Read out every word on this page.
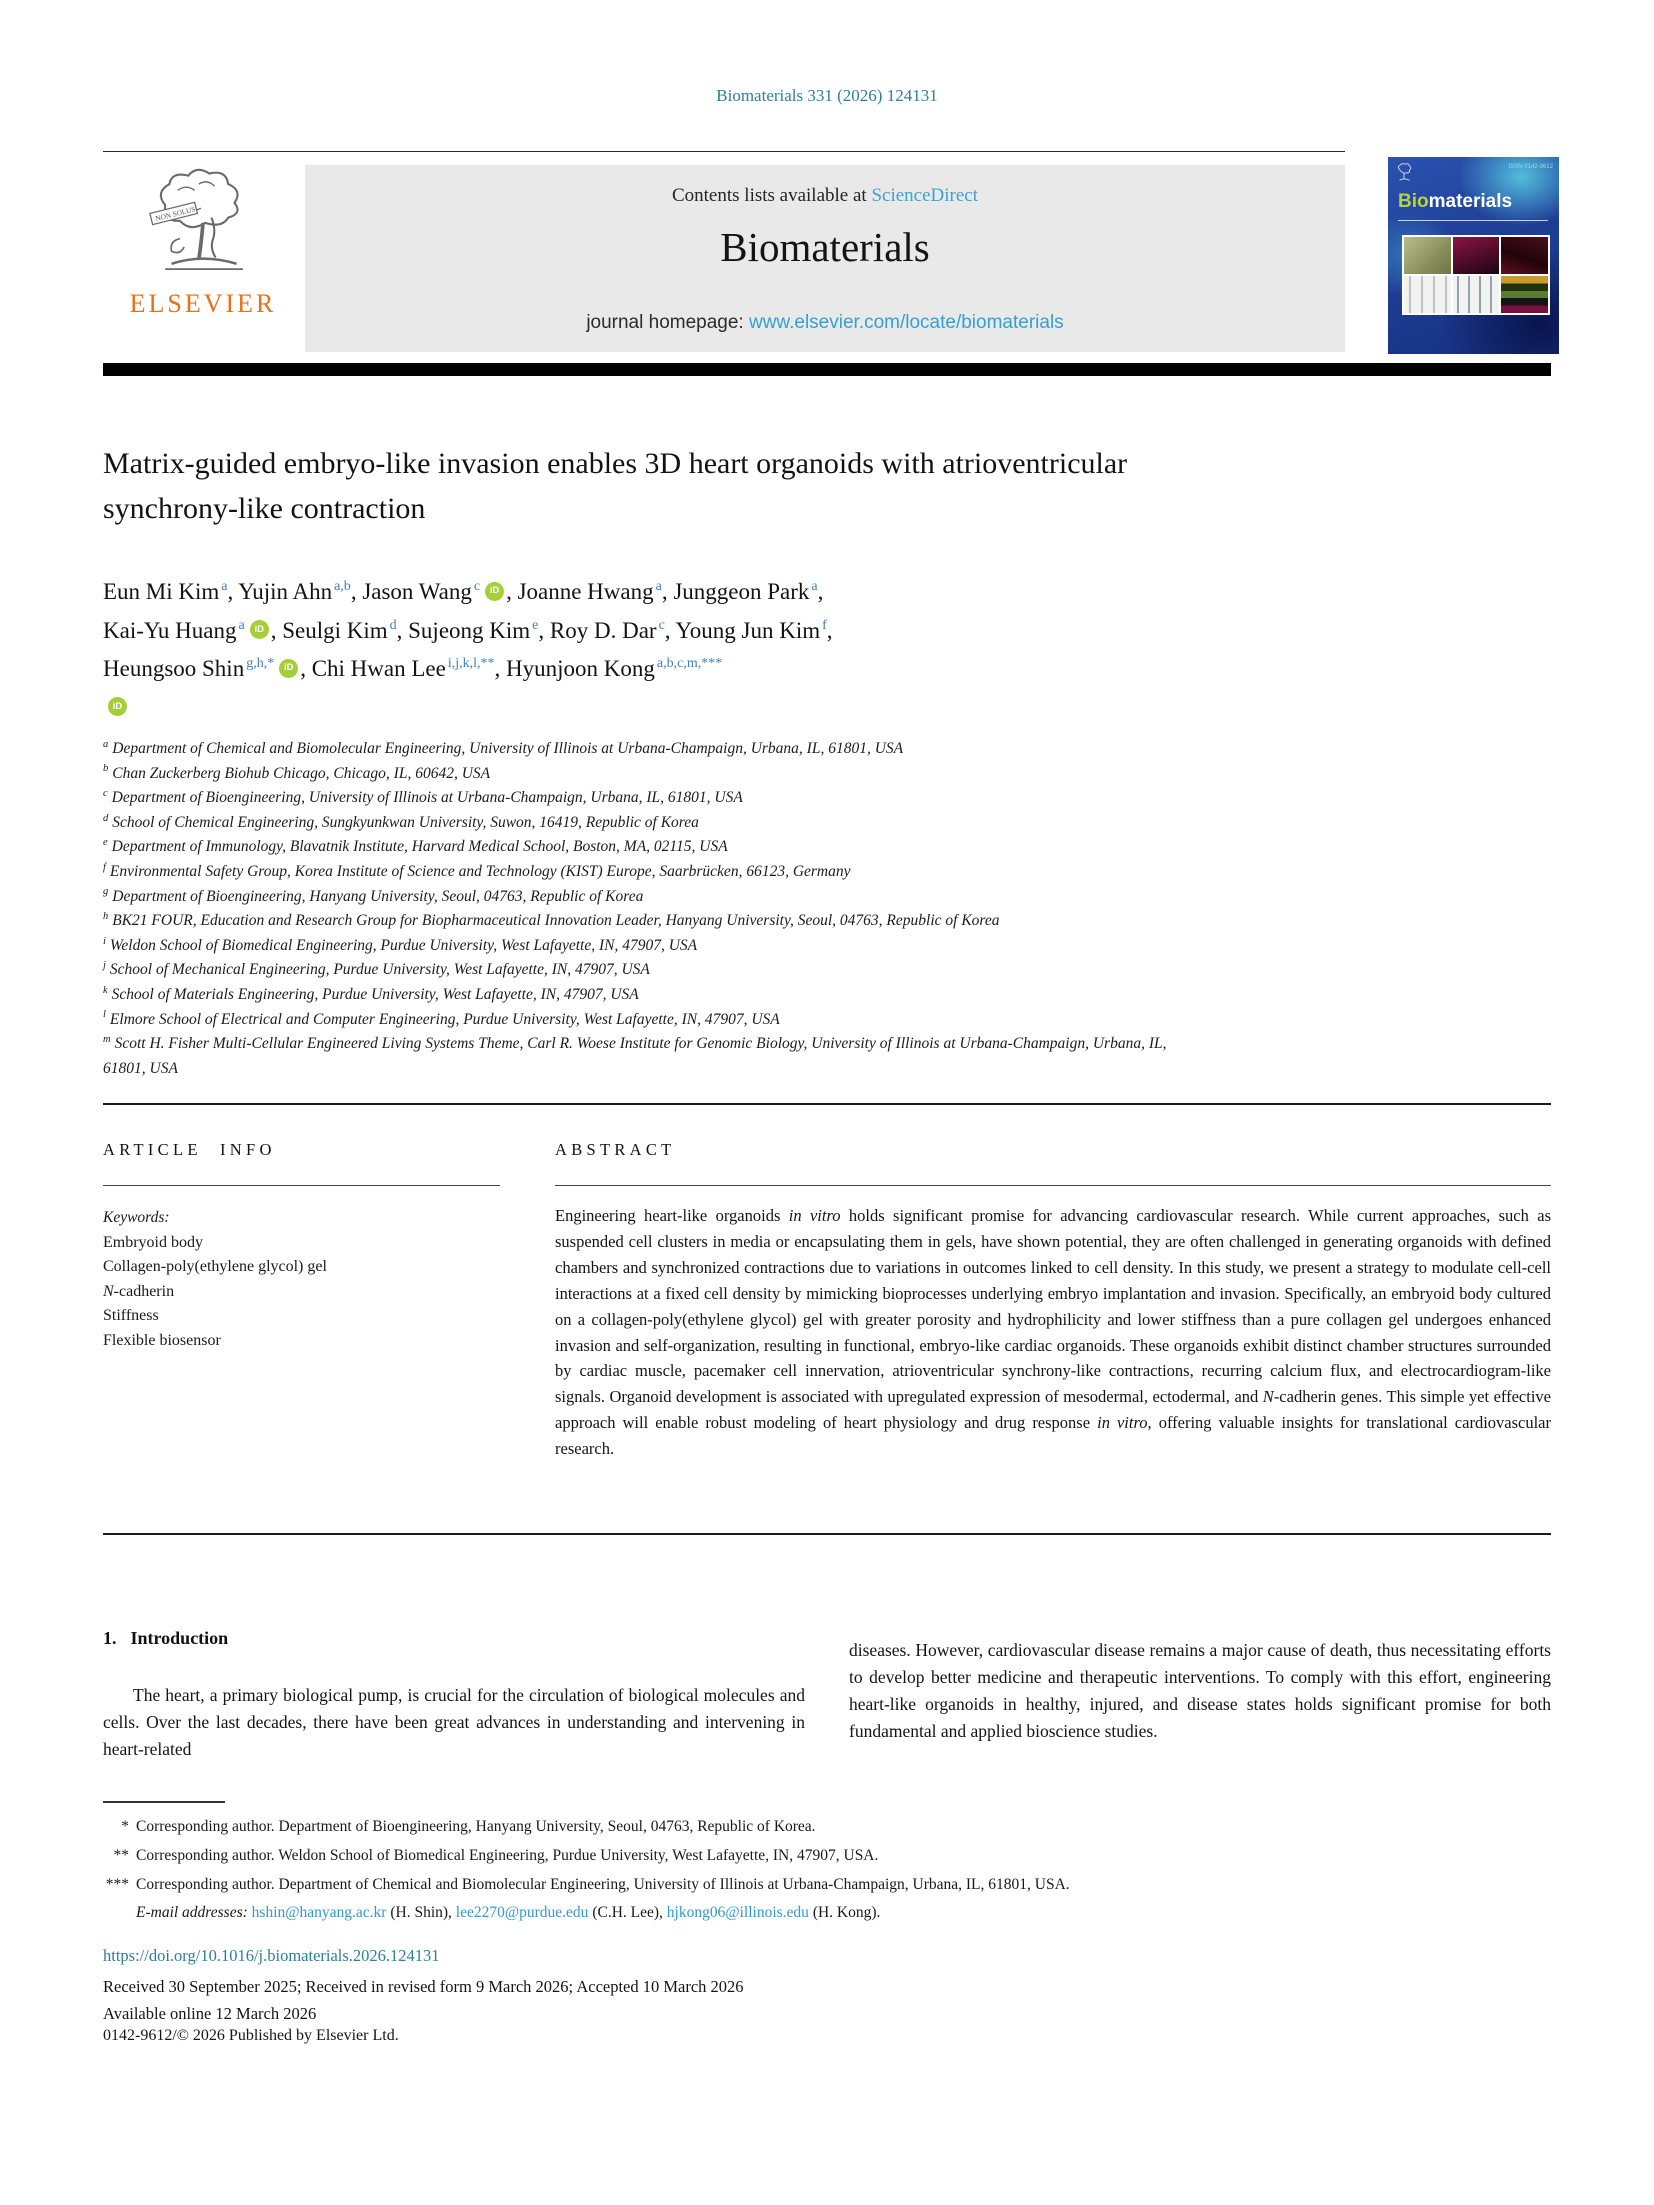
Biomaterials 331 (2026) 124131
NON SOLUS
ELSEVIER
Contents lists available at ScienceDirect
Biomaterials
journal homepage: www.elsevier.com/locate/biomaterials
ISSN 0142-9612
Biomaterials
Matrix-guided embryo-like invasion enables 3D heart organoids with atrioventricular synchrony-like contraction
Eun Mi Kim $^a$, Yujin Ahn $^{a,b}$, Jason Wang $^c$ iD , Joanne Hwang $^a$, Junggeon Park $^a$,
Kai-Yu Huang $^a$ iD , Seulgi Kim $^d$, Sujeong Kim $^e$, Roy D. Dar $^c$, Young Jun Kim $^f$,
Heungsoo Shin $^{g,h,*}$ iD , Chi Hwan Lee $^{i,j,k,l,**}$, Hyunjoon Kong $^{a,b,c,m,***}$
iD
$^a$ Department of Chemical and Biomolecular Engineering, University of Illinois at Urbana-Champaign, Urbana, IL, 61801, USA
$^b$ Chan Zuckerberg Biohub Chicago, Chicago, IL, 60642, USA
$^c$ Department of Bioengineering, University of Illinois at Urbana-Champaign, Urbana, IL, 61801, USA
$^d$ School of Chemical Engineering, Sungkyunkwan University, Suwon, 16419, Republic of Korea
$^e$ Department of Immunology, Blavatnik Institute, Harvard Medical School, Boston, MA, 02115, USA
$^f$ Environmental Safety Group, Korea Institute of Science and Technology (KIST) Europe, Saarbrücken, 66123, Germany
$^g$ Department of Bioengineering, Hanyang University, Seoul, 04763, Republic of Korea
$^h$ BK21 FOUR, Education and Research Group for Biopharmaceutical Innovation Leader, Hanyang University, Seoul, 04763, Republic of Korea
$^i$ Weldon School of Biomedical Engineering, Purdue University, West Lafayette, IN, 47907, USA
$^j$ School of Mechanical Engineering, Purdue University, West Lafayette, IN, 47907, USA
$^k$ School of Materials Engineering, Purdue University, West Lafayette, IN, 47907, USA
$^l$ Elmore School of Electrical and Computer Engineering, Purdue University, West Lafayette, IN, 47907, USA
$^m$ Scott H. Fisher Multi-Cellular Engineered Living Systems Theme, Carl R. Woese Institute for Genomic Biology, University of Illinois at Urbana-Champaign, Urbana, IL,
61801, USA
ARTICLE INFO	ABSTRACT
Keywords:
Embryoid body
Collagen-poly(ethylene glycol) gel
N-cadherin
Stiffness
Flexible biosensor
Engineering heart-like organoids in vitro holds significant promise for advancing cardiovascular research. While current approaches, such as suspended cell clusters in media or encapsulating them in gels, have shown potential, they are often challenged in generating organoids with defined chambers and synchronized contractions due to variations in outcomes linked to cell density. In this study, we present a strategy to modulate cell-cell interactions at a fixed cell density by mimicking bioprocesses underlying embryo implantation and invasion. Specifically, an embryoid body cultured on a collagen-poly(ethylene glycol) gel with greater porosity and hydrophilicity and lower stiffness than a pure collagen gel undergoes enhanced invasion and self-organization, resulting in functional, embryo-like cardiac organoids. These organoids exhibit distinct chamber structures surrounded by cardiac muscle, pacemaker cell innervation, atrioventricular synchrony-like contractions, recurring calcium flux, and electrocardiogram-like signals. Organoid development is associated with upregulated expression of mesodermal, ectodermal, and N-cadherin genes. This simple yet effective approach will enable robust modeling of heart physiology and drug response in vitro, offering valuable insights for translational cardiovascular research.
1. Introduction
The heart, a primary biological pump, is crucial for the circulation of biological molecules and cells. Over the last decades, there have been great advances in understanding and intervening in heart-related
diseases. However, cardiovascular disease remains a major cause of death, thus necessitating efforts to develop better medicine and therapeutic interventions. To comply with this effort, engineering heart-like organoids in healthy, injured, and disease states holds significant promise for both fundamental and applied bioscience studies.
* Corresponding author. Department of Bioengineering, Hanyang University, Seoul, 04763, Republic of Korea.
** Corresponding author. Weldon School of Biomedical Engineering, Purdue University, West Lafayette, IN, 47907, USA.
*** Corresponding author. Department of Chemical and Biomolecular Engineering, University of Illinois at Urbana-Champaign, Urbana, IL, 61801, USA.
E-mail addresses: hshin@hanyang.ac.kr (H. Shin), lee2270@purdue.edu (C.H. Lee), hjkong06@illinois.edu (H. Kong).
https://doi.org/10.1016/j.biomaterials.2026.124131
Received 30 September 2025; Received in revised form 9 March 2026; Accepted 10 March 2026
Available online 12 March 2026
0142-9612/© 2026 Published by Elsevier Ltd.
